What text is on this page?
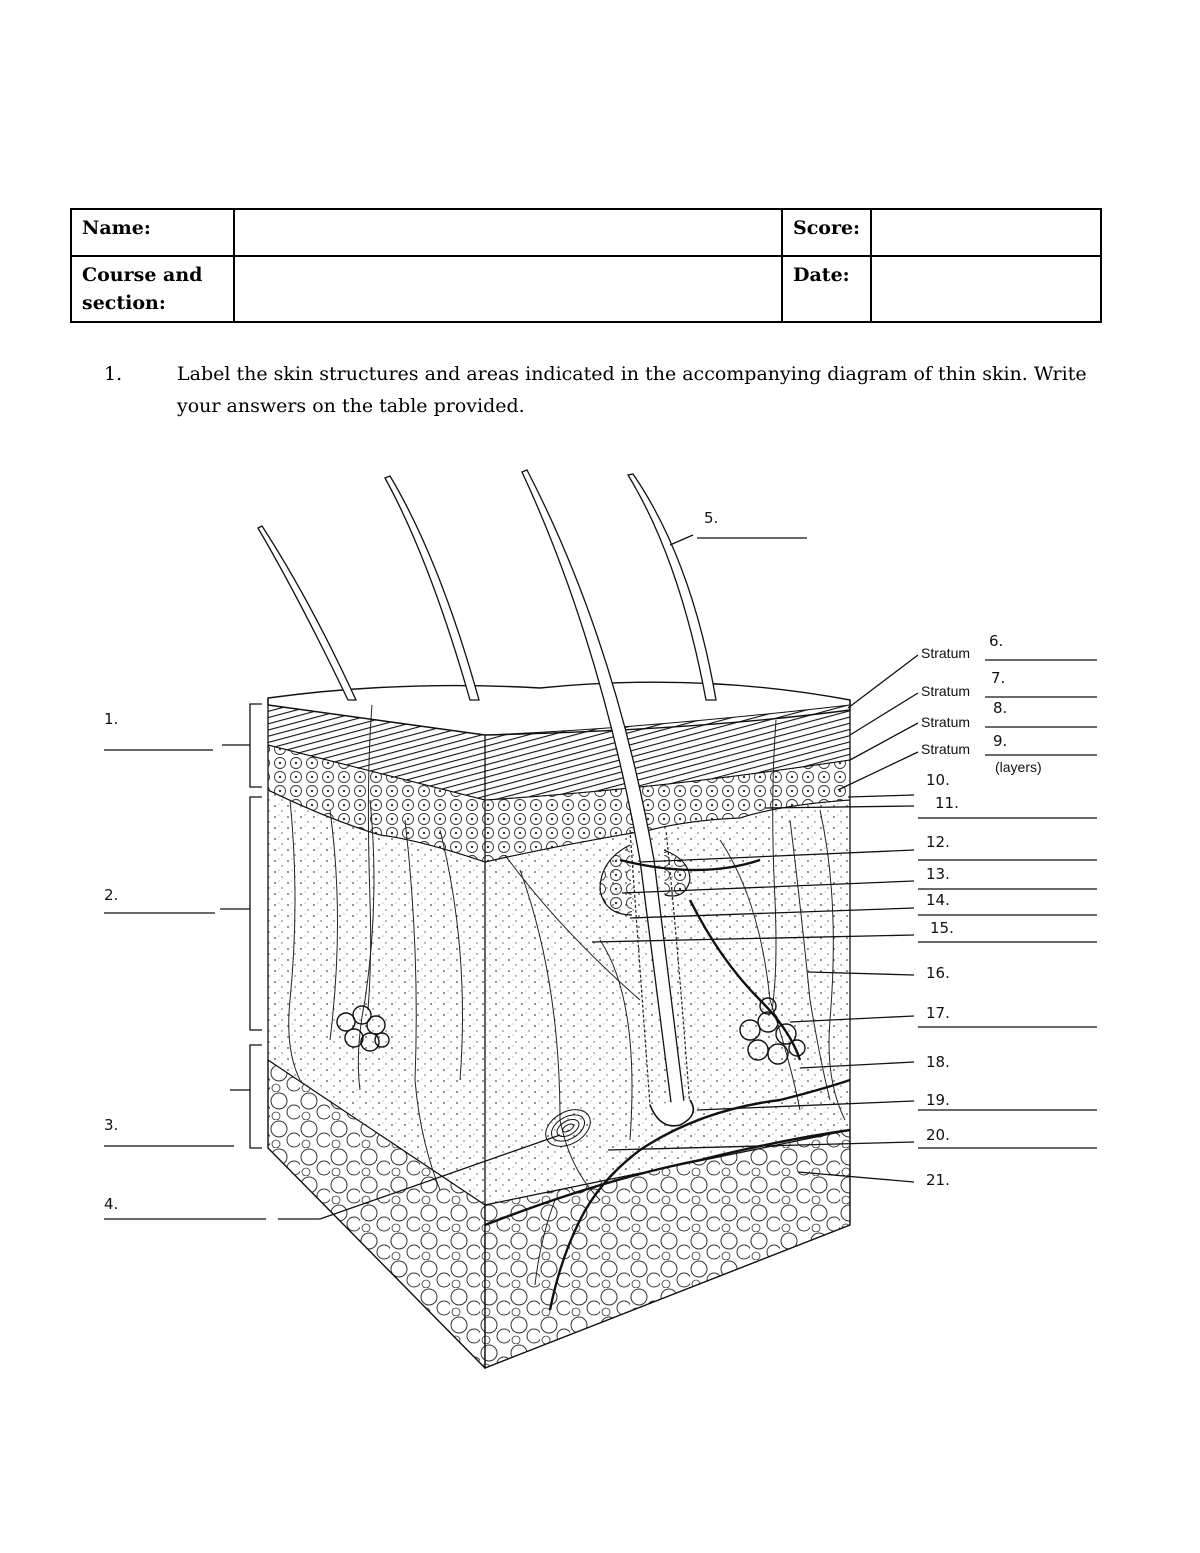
Name:		Score:	
Course and section:		Date:	
1.	Label the skin structures and areas indicated in the accompanying diagram of thin skin. Write your answers on the table provided.
1.
2.
3.
4.
5.
Stratum
6.
Stratum
7.
Stratum
8.
Stratum 9.
(layers)
10.
11.
12.
13.
14.
15.
16.
17.
18.
19.
20.
21.
